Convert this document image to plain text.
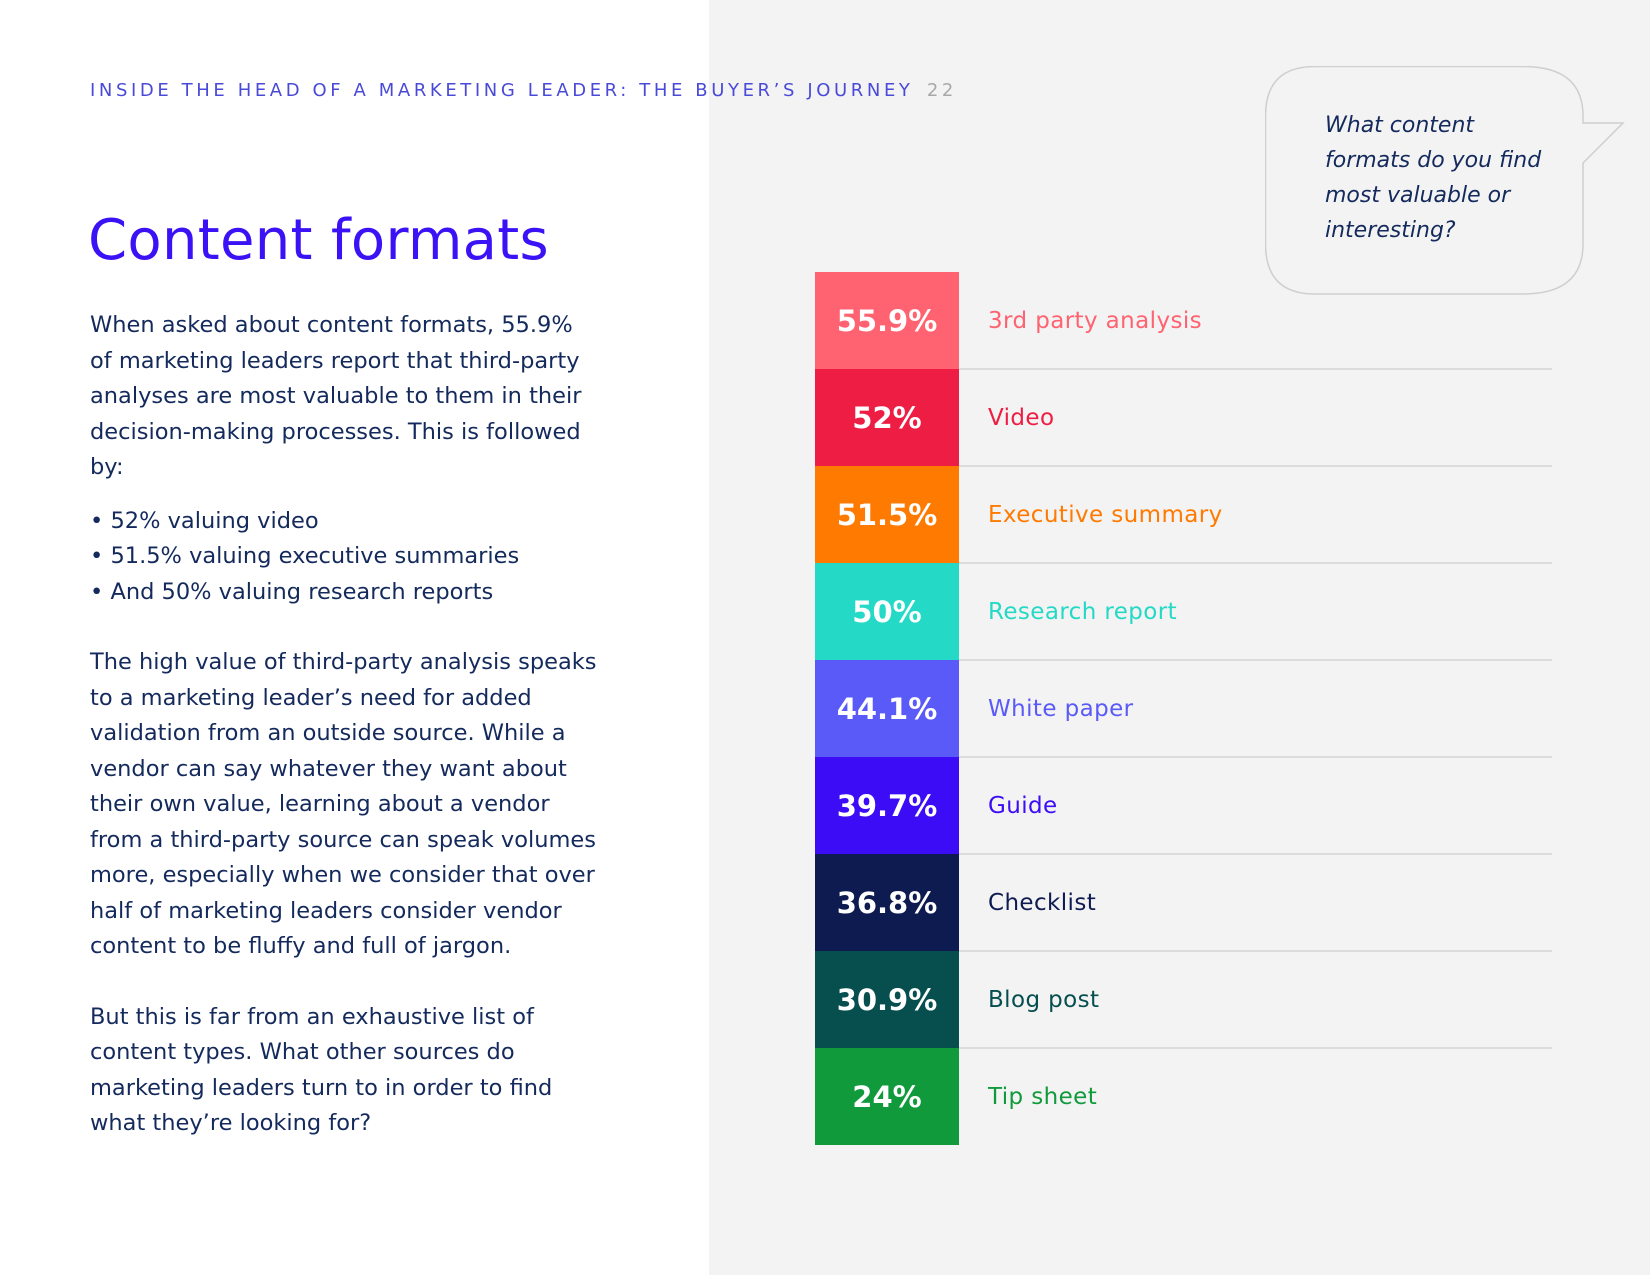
INSIDE THE HEAD OF A MARKETING LEADER: THE BUYER’S JOURNEY 22
Content formats

When asked about content formats, 55.9% of marketing leaders report that third-party analyses are most valuable to them in their decision-making processes. This is followed by:

• 52% valuing video
• 51.5% valuing executive summaries
• And 50% valuing research reports

The high value of third-party analysis speaks to a marketing leader’s need for added validation from an outside source. While a vendor can say whatever they want about their own value, learning about a vendor from a third-party source can speak volumes more, especially when we consider that over half of marketing leaders consider vendor content to be fluffy and full of jargon.

But this is far from an exhaustive list of content types. What other sources do marketing leaders turn to in order to find what they’re looking for?

What content formats do you find most valuable or interesting?
55.9%	3rd party analysis
52%	Video
51.5%	Executive summary
50%	Research report
44.1%	White paper
39.7%	Guide
36.8%	Checklist
30.9%	Blog post
24%	Tip sheet
